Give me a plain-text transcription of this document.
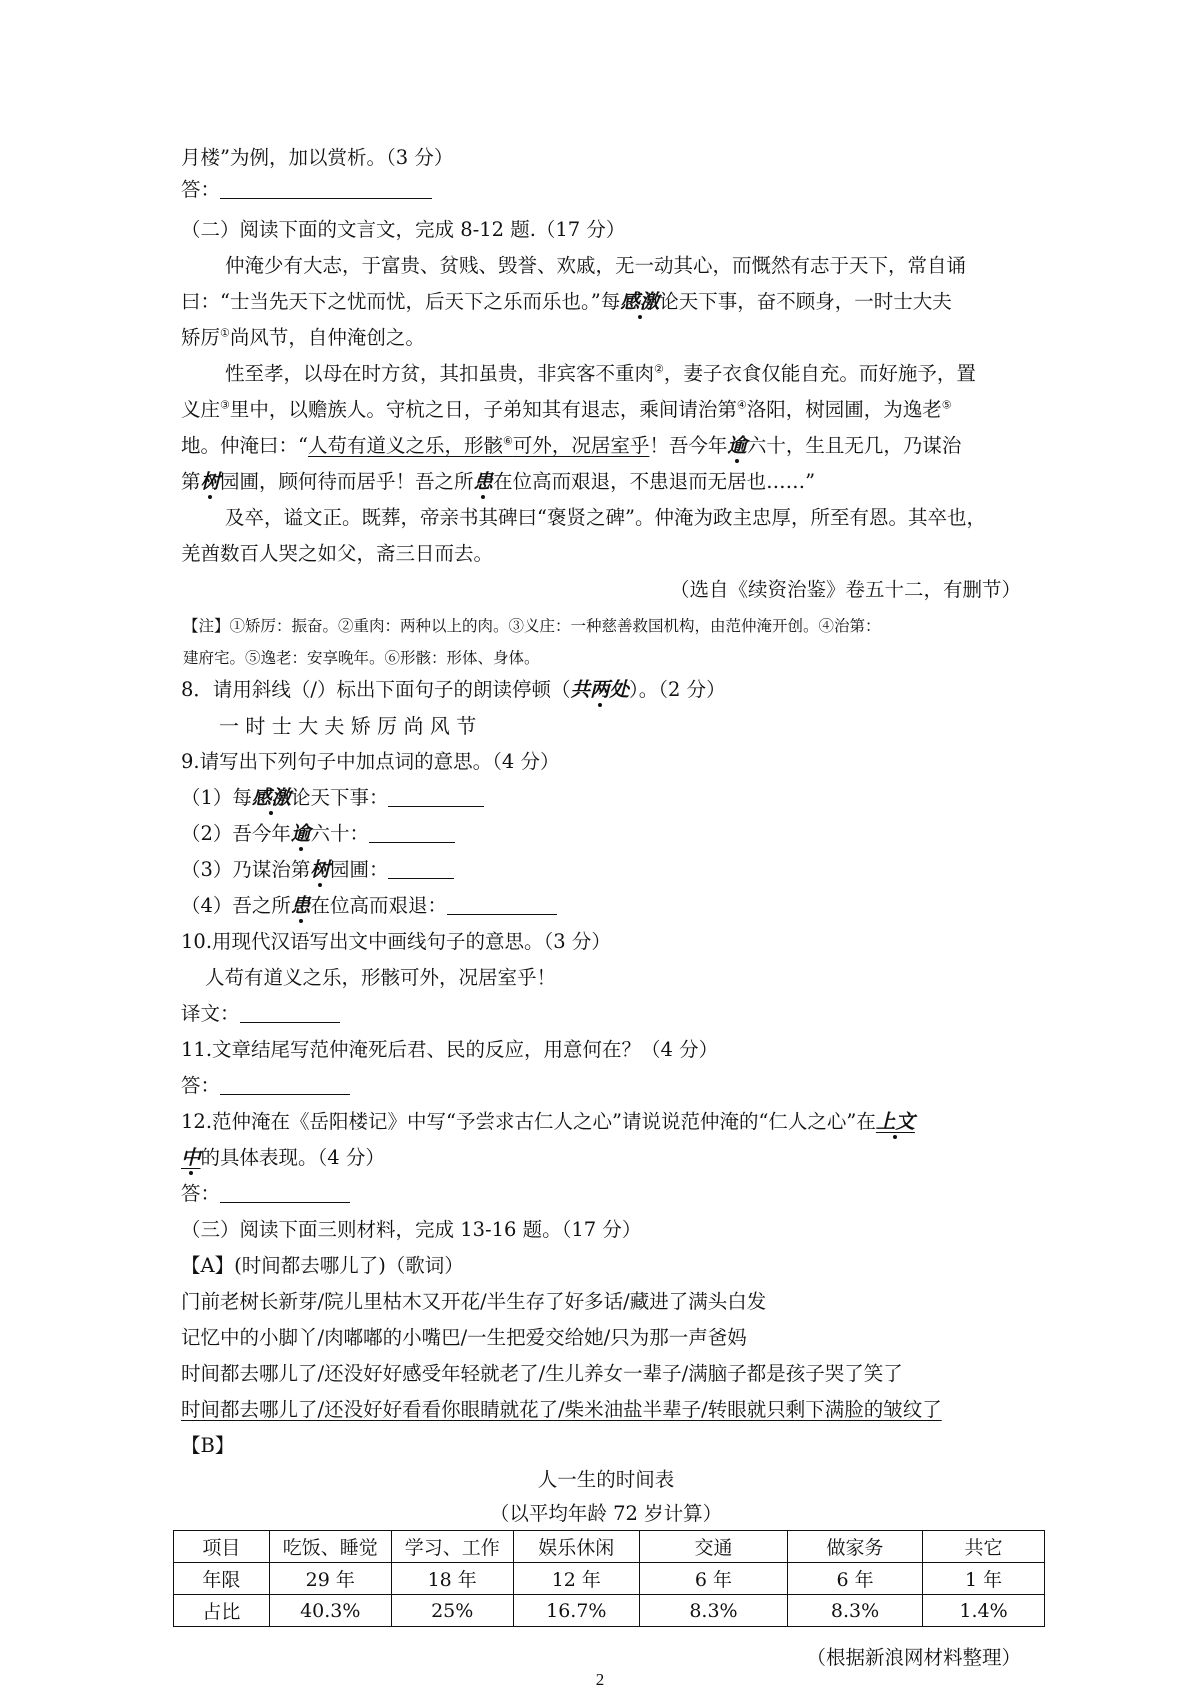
月楼”为例，加以赏析。（3 分）
答：
（二）阅读下面的文言文，完成 8-12 题.（17 分）
仲淹少有大志，于富贵、贫贱、毁誉、欢戚，无一动其心，而慨然有志于天下，常自诵
曰：“士当先天下之忧而忧，后天下之乐而乐也。”每感激论天下事，奋不顾身，一时士大夫
矫厉①尚风节，自仲淹创之。
性至孝，以母在时方贫，其扣虽贵，非宾客不重肉②，妻子衣食仅能自充。而好施予，置
义庄③里中，以赡族人。守杭之日，子弟知其有退志，乘间请治第④洛阳，树园圃，为逸老⑤
地。仲淹曰：“人苟有道义之乐，形骸⑥可外，况居室乎！吾今年逾六十，生且无几，乃谋治
第树园圃，顾何待而居乎！吾之所患在位高而艰退，不患退而无居也……”
及卒，谥文正。既葬，帝亲书其碑曰“褒贤之碑”。仲淹为政主忠厚，所至有恩。其卒也，
羌酋数百人哭之如父，斋三日而去。
（选自《续资治鉴》卷五十二，有删节）
【注】①矫厉：振奋。②重肉：两种以上的肉。③义庄：一种慈善救国机构，由范仲淹开创。④治第：
建府宅。⑤逸老：安享晚年。⑥形骸：形体、身体。
8．请用斜线（/）标出下面句子的朗读停顿（共两处）。（2 分）
一 时 士 大 夫 矫 厉 尚 风 节
9.请写出下列句子中加点词的意思。（4 分）
（1）每感激论天下事：
（2）吾今年逾六十：
（3）乃谋治第树园圃：
（4）吾之所患在位高而艰退：
10.用现代汉语写出文中画线句子的意思。（3 分）
人苟有道义之乐，形骸可外，况居室乎！
译文：
11.文章结尾写范仲淹死后君、民的反应，用意何在？（4 分）
答：
12.范仲淹在《岳阳楼记》中写“予尝求古仁人之心”请说说范仲淹的“仁人之心”在上文
中的具体表现。（4 分）
答：
（三）阅读下面三则材料，完成 13-16 题。（17 分）
【A】(时间都去哪儿了)（歌词）
门前老树长新芽/院儿里枯木又开花/半生存了好多话/藏进了满头白发
记忆中的小脚丫/肉嘟嘟的小嘴巴/一生把爱交给她/只为那一声爸妈
时间都去哪儿了/还没好好感受年轻就老了/生儿养女一辈子/满脑子都是孩子哭了笑了
时间都去哪儿了/还没好好看看你眼睛就花了/柴米油盐半辈子/转眼就只剩下满脸的皱纹了
【B】
人一生的时间表
（以平均年龄 72 岁计算）
项目	吃饭、睡觉	学习、工作	娱乐休闲	交通	做家务	共它
年限	29 年	18 年	12 年	6 年	6 年	1 年
占比	40.3%	25%	16.7%	8.3%	8.3%	1.4%
（根据新浪网材料整理）
2
